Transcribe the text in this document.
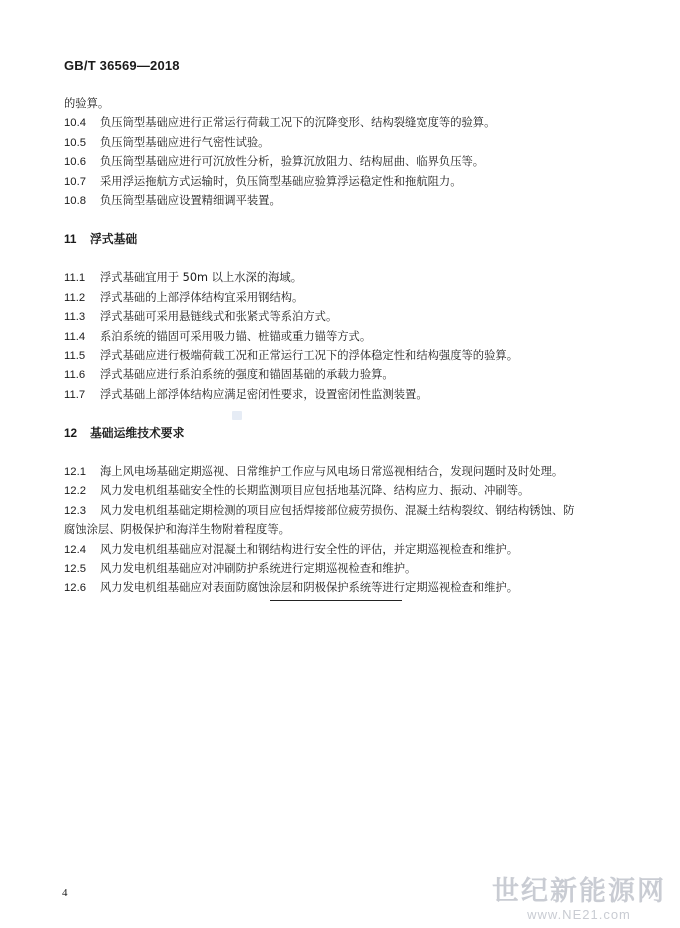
GB/T 36569—2018
的验算。
10.4 负压筒型基础应进行正常运行荷载工况下的沉降变形、结构裂缝宽度等的验算。
10.5 负压筒型基础应进行气密性试验。
10.6 负压筒型基础应进行可沉放性分析，验算沉放阻力、结构屈曲、临界负压等。
10.7 采用浮运拖航方式运输时，负压筒型基础应验算浮运稳定性和拖航阻力。
10.8 负压筒型基础应设置精细调平装置。
11 浮式基础
11.1 浮式基础宜用于 50m 以上水深的海域。
11.2 浮式基础的上部浮体结构宜采用钢结构。
11.3 浮式基础可采用悬链线式和张紧式等系泊方式。
11.4 系泊系统的锚固可采用吸力锚、桩锚或重力锚等方式。
11.5 浮式基础应进行极端荷载工况和正常运行工况下的浮体稳定性和结构强度等的验算。
11.6 浮式基础应进行系泊系统的强度和锚固基础的承载力验算。
11.7 浮式基础上部浮体结构应满足密闭性要求，设置密闭性监测装置。
12 基础运维技术要求
12.1 海上风电场基础定期巡视、日常维护工作应与风电场日常巡视相结合，发现问题时及时处理。
12.2 风力发电机组基础安全性的长期监测项目应包括地基沉降、结构应力、振动、冲刷等。
12.3 风力发电机组基础定期检测的项目应包括焊接部位疲劳损伤、混凝土结构裂纹、钢结构锈蚀、防
腐蚀涂层、阴极保护和海洋生物附着程度等。
12.4 风力发电机组基础应对混凝土和钢结构进行安全性的评估，并定期巡视检查和维护。
12.5 风力发电机组基础应对冲刷防护系统进行定期巡视检查和维护。
12.6 风力发电机组基础应对表面防腐蚀涂层和阴极保护系统等进行定期巡视检查和维护。
4	世纪新能源网
www.NE21.com
